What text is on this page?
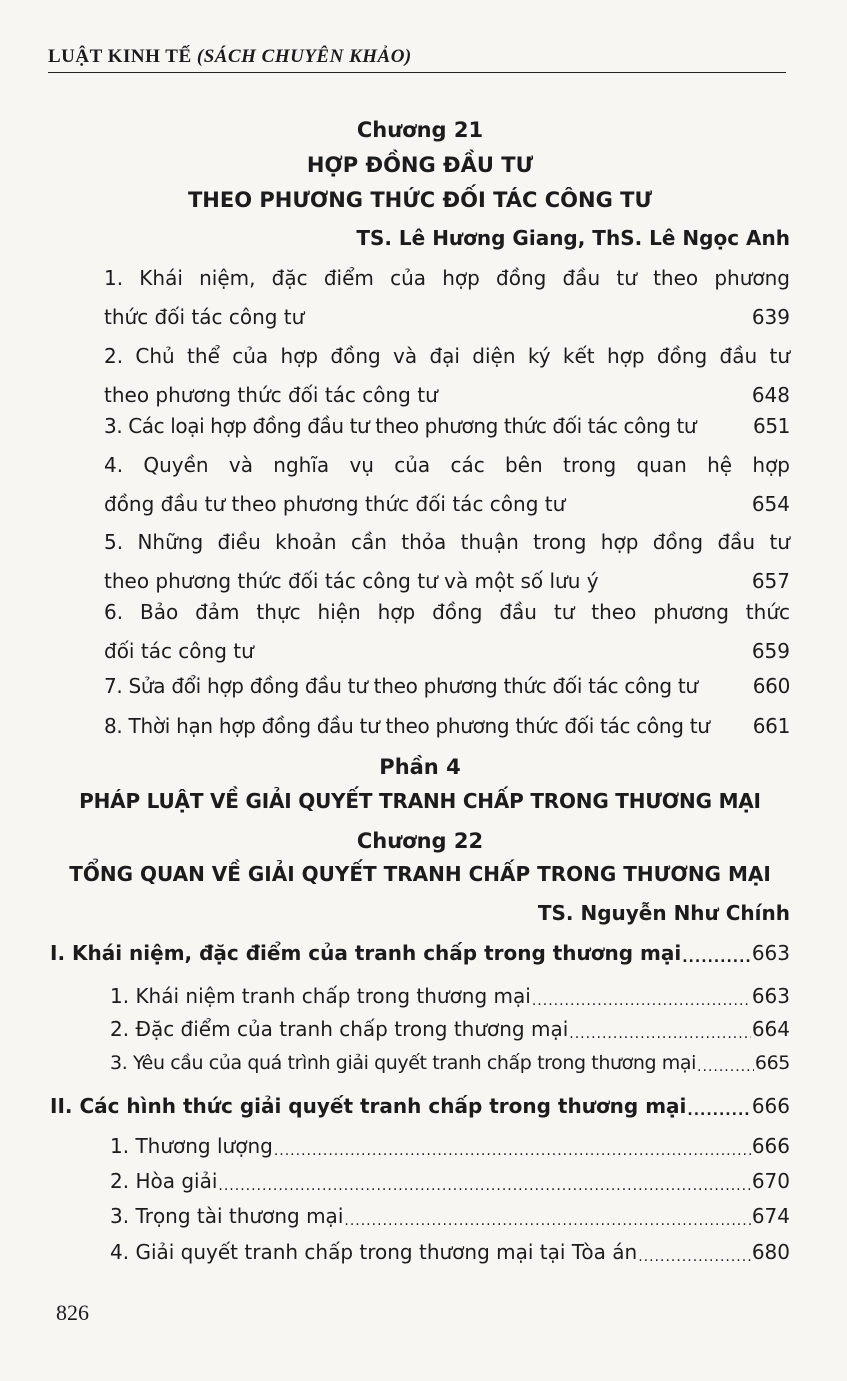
LUẬT KINH TẾ (SÁCH CHUYÊN KHẢO)
Chương 21
HỢP ĐỒNG ĐẦU TƯ
THEO PHƯƠNG THỨC ĐỐI TÁC CÔNG TƯ
TS. Lê Hương Giang, ThS. Lê Ngọc Anh
1. Khái niệm, đặc điểm của hợp đồng đầu tư theo phương
thức đối tác công tư .....	639
2. Chủ thể của hợp đồng và đại diện ký kết hợp đồng đầu tư
theo phương thức đối tác công tư .....	648
3. Các loại hợp đồng đầu tư theo phương thức đối tác công tư .....	651
4. Quyền và nghĩa vụ của các bên trong quan hệ hợp
đồng đầu tư theo phương thức đối tác công tư .....	654
5. Những điều khoản cần thỏa thuận trong hợp đồng đầu tư
theo phương thức đối tác công tư và một số lưu ý .....	657
6. Bảo đảm thực hiện hợp đồng đầu tư theo phương thức
đối tác công tư .....	659
7. Sửa đổi hợp đồng đầu tư theo phương thức đối tác công tư .....	660
8. Thời hạn hợp đồng đầu tư theo phương thức đối tác công tư ..... 661
Phần 4
PHÁP LUẬT VỀ GIẢI QUYẾT TRANH CHẤP TRONG THƯƠNG MẠI
Chương 22
TỔNG QUAN VỀ GIẢI QUYẾT TRANH CHẤP TRONG THƯƠNG MẠI
TS. Nguyễn Như Chính
I. Khái niệm, đặc điểm của tranh chấp trong thương mại .....	663
1. Khái niệm tranh chấp trong thương mại .....	663
2. Đặc điểm của tranh chấp trong thương mại .....	664
3. Yêu cầu của quá trình giải quyết tranh chấp trong thương mại .....	665
II. Các hình thức giải quyết tranh chấp trong thương mại .....	666
1. Thương lượng .....	666
2. Hòa giải .....	670
3. Trọng tài thương mại .....	674
4. Giải quyết tranh chấp trong thương mại tại Tòa án .....	680
826
